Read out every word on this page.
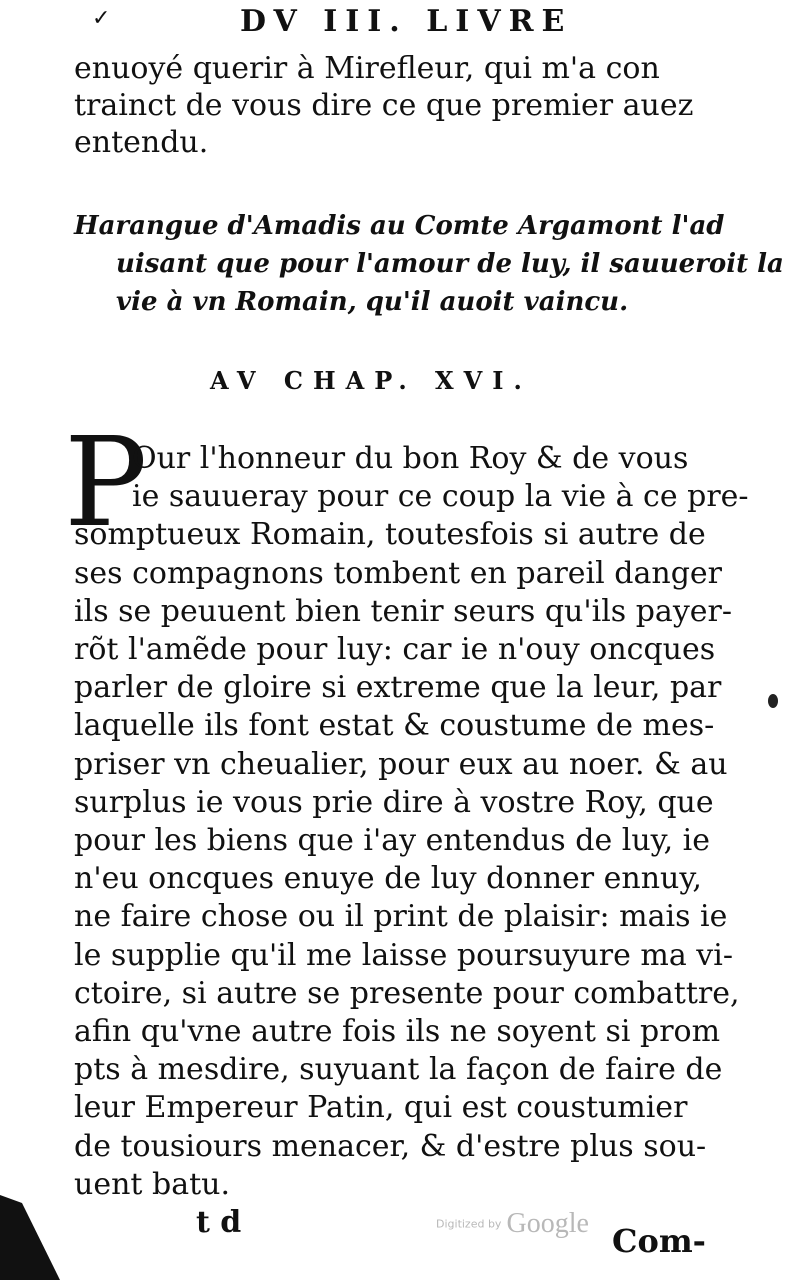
✓	DV III. LIVRE
enuoyé querir à Mirefleur, qui m'a con
trainct de vous dire ce que premier auez
entendu.
Harangue d'Amadis au Comte Argamont l'ad
uisant que pour l'amour de luy, il sauueroit la
vie à vn Romain, qu'il auoit vaincu.
AV CHAP. XVI.
P
Our l'honneur du bon Roy & de vous
ie sauueray pour ce coup la vie à ce pre-
somptueux Romain, toutesfois si autre de
ses compagnons tombent en pareil danger
ils se peuuent bien tenir seurs qu'ils payer-
rõt l'amẽde pour luy: car ie n'ouy oncques
parler de gloire si extreme que la leur, par
laquelle ils font estat & coustume de mes-
priser vn cheualier, pour eux au noer. & au
surplus ie vous prie dire à vostre Roy, que
pour les biens que i'ay entendus de luy, ie
n'eu oncques enuye de luy donner ennuy,
ne faire chose ou il print de plaisir: mais ie
le supplie qu'il me laisse poursuyure ma vi-
ctoire, si autre se presente pour combattre,
afin qu'vne autre fois ils ne soyent si prom
pts à mesdire, suyuant la façon de faire de
leur Empereur Patin, qui est coustumier
de tousiours menacer, & d'estre plus sou-
uent batu.
t d	Digitized by Google Com-
